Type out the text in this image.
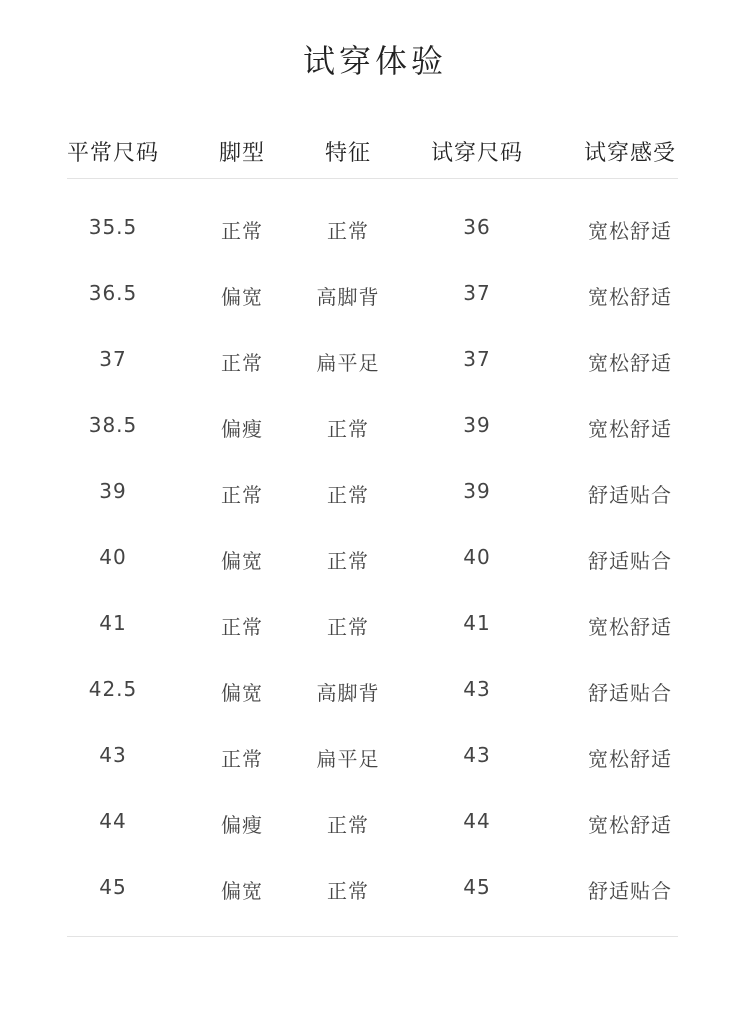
试穿体验
平常尺码	脚型	特征	试穿尺码	试穿感受
35.5	正常	正常	36	宽松舒适
36.5	偏宽	高脚背	37	宽松舒适
37	正常	扁平足	37	宽松舒适
38.5	偏瘦	正常	39	宽松舒适
39	正常	正常	39	舒适贴合
40	偏宽	正常	40	舒适贴合
41	正常	正常	41	宽松舒适
42.5	偏宽	高脚背	43	舒适贴合
43	正常	扁平足	43	宽松舒适
44	偏瘦	正常	44	宽松舒适
45	偏宽	正常	45	舒适贴合
